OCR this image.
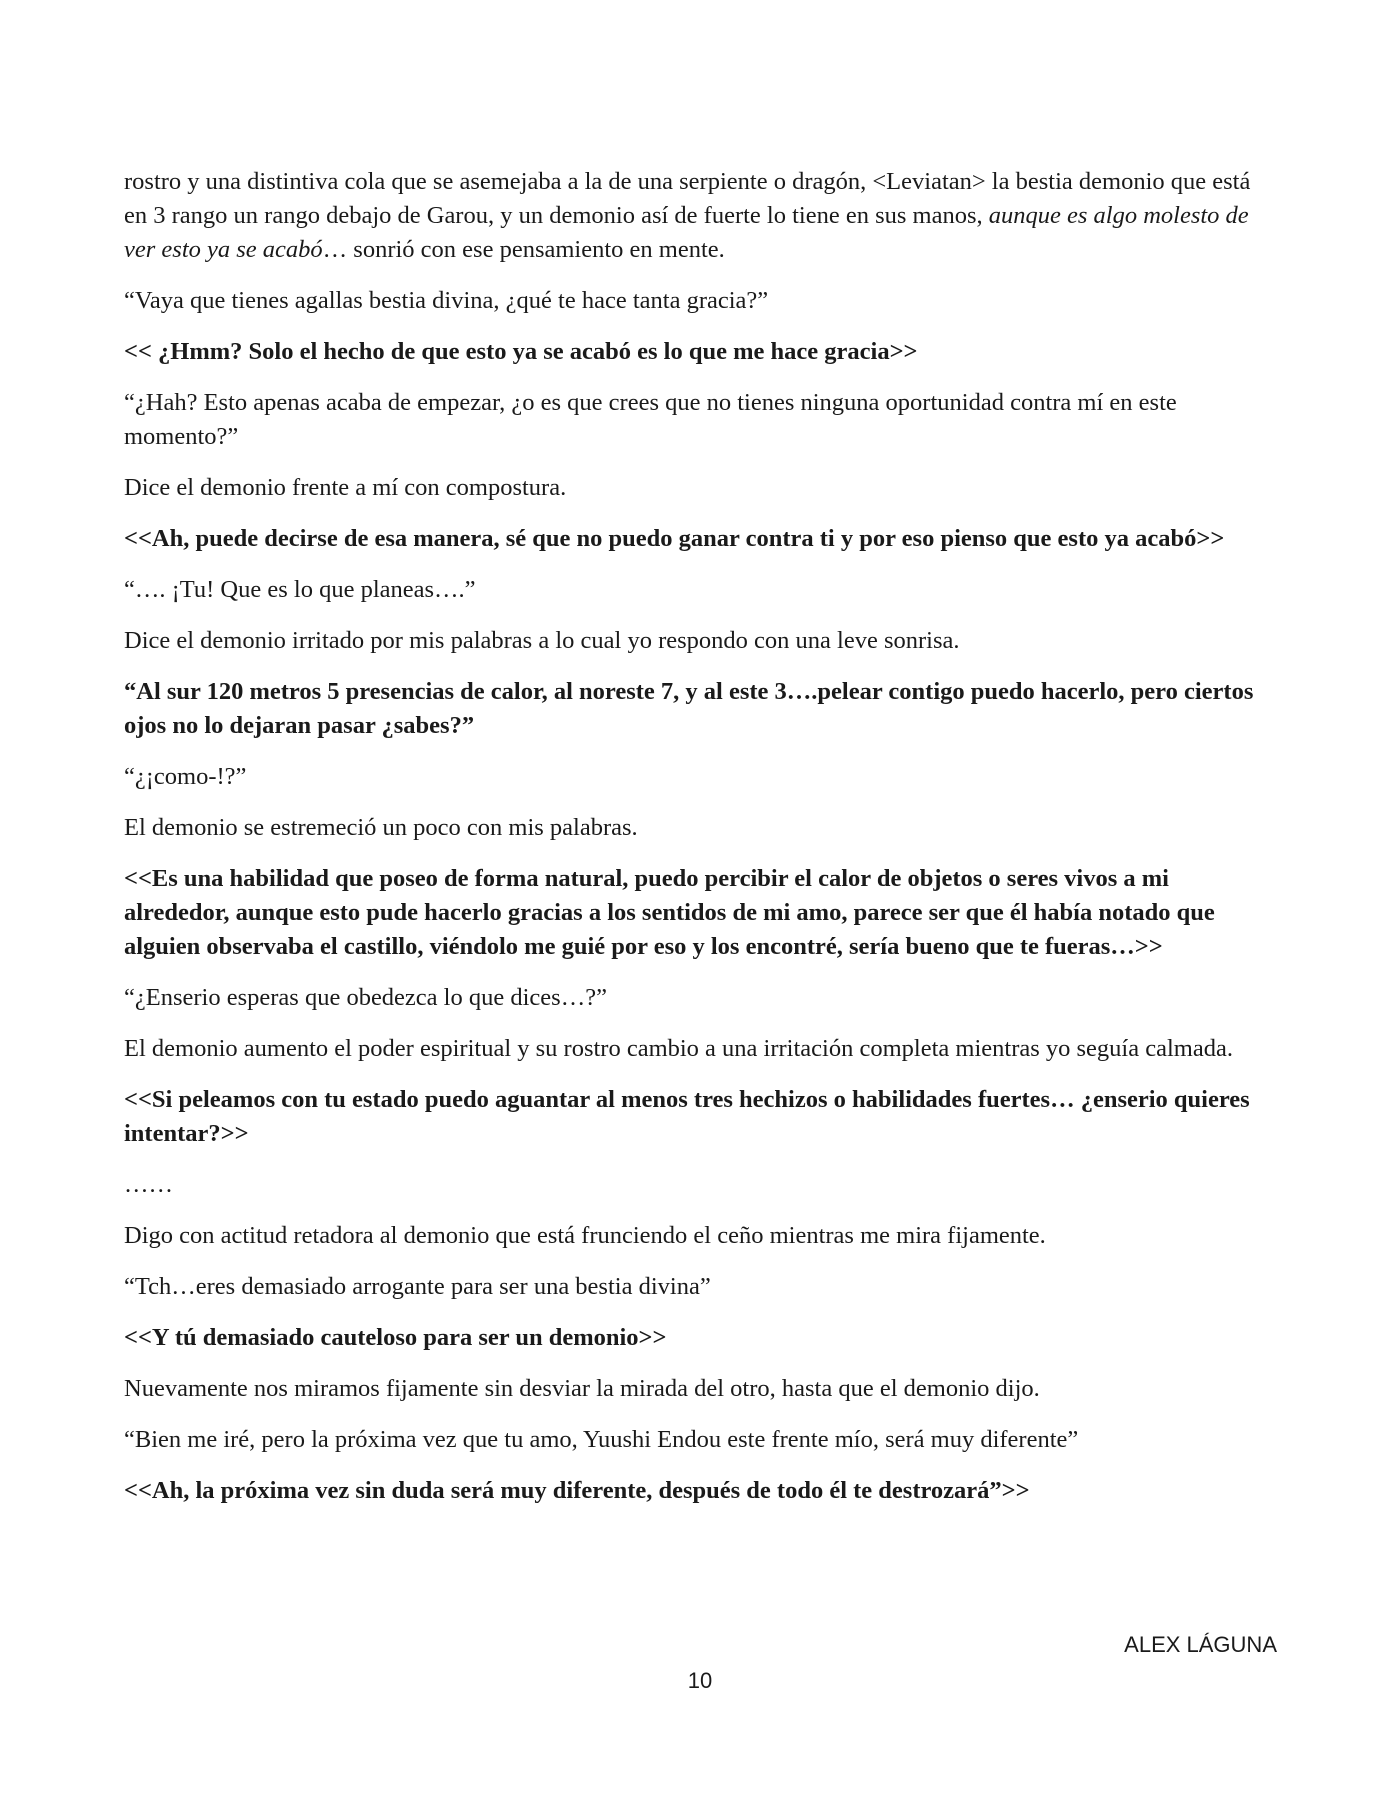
rostro y una distintiva cola que se asemejaba a la de una serpiente o dragón, <Leviatan> la bestia demonio que está en 3 rango un rango debajo de Garou, y un demonio así de fuerte lo tiene en sus manos, aunque es algo molesto de ver esto ya se acabó… sonrió con ese pensamiento en mente.

“Vaya que tienes agallas bestia divina, ¿qué te hace tanta gracia?”

<< ¿Hmm? Solo el hecho de que esto ya se acabó es lo que me hace gracia>>

“¿Hah? Esto apenas acaba de empezar, ¿o es que crees que no tienes ninguna oportunidad contra mí en este momento?”

Dice el demonio frente a mí con compostura.

<<Ah, puede decirse de esa manera, sé que no puedo ganar contra ti y por eso pienso que esto ya acabó>>

“…. ¡Tu! Que es lo que planeas….”

Dice el demonio irritado por mis palabras a lo cual yo respondo con una leve sonrisa.

“Al sur 120 metros 5 presencias de calor, al noreste 7, y al este 3….pelear contigo puedo hacerlo, pero ciertos ojos no lo dejaran pasar ¿sabes?”

“¿¡como-!?”

El demonio se estremeció un poco con mis palabras.

<<Es una habilidad que poseo de forma natural, puedo percibir el calor de objetos o seres vivos a mi alrededor, aunque esto pude hacerlo gracias a los sentidos de mi amo, parece ser que él había notado que alguien observaba el castillo, viéndolo me guié por eso y los encontré, sería bueno que te fueras…>>

“¿Enserio esperas que obedezca lo que dices…?”

El demonio aumento el poder espiritual y su rostro cambio a una irritación completa mientras yo seguía calmada.

<<Si peleamos con tu estado puedo aguantar al menos tres hechizos o habilidades fuertes… ¿enserio quieres intentar?>>

……

Digo con actitud retadora al demonio que está frunciendo el ceño mientras me mira fijamente.

“Tch…eres demasiado arrogante para ser una bestia divina”

<<Y tú demasiado cauteloso para ser un demonio>>

Nuevamente nos miramos fijamente sin desviar la mirada del otro, hasta que el demonio dijo.

“Bien me iré, pero la próxima vez que tu amo, Yuushi Endou este frente mío, será muy diferente”

<<Ah, la próxima vez sin duda será muy diferente, después de todo él te destrozará”>>

ALEX LÁGUNA
10
